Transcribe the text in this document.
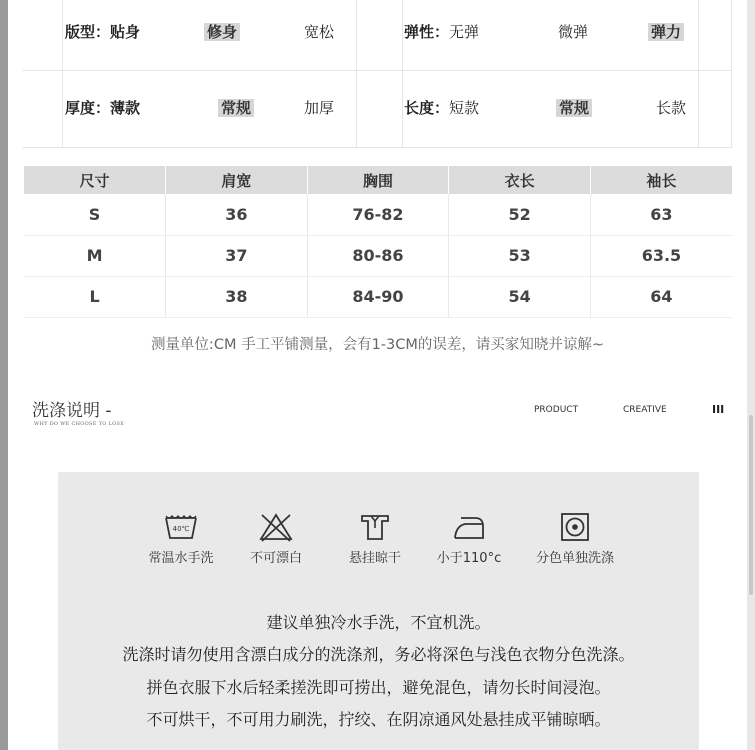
版型：贴身	修身	宽松	弹性：无弹	微弹	弹力
厚度：薄款	常规	加厚	长度：短款	常规	长款
尺寸	肩宽	胸围	衣长	袖长
S	36	76-82	52	63
M	37	80-86	53	63.5
L	38	84-90	54	64
测量单位:CM 手工平铺测量，会有1-3CM的误差，请买家知晓并谅解~
洗涤说明 -
WHY DO WE CHOOSE TO LOSE
PRODUCT	CREATIVE	III
40℃
常温水手洗	不可漂白	悬挂晾干	小于110°c	分色单独洗涤
建议单独冷水手洗，不宜机洗。
洗涤时请勿使用含漂白成分的洗涤剂，务必将深色与浅色衣物分色洗涤。
拼色衣服下水后轻柔搓洗即可捞出，避免混色，请勿长时间浸泡。
不可烘干，不可用力刷洗，拧绞、在阴凉通风处悬挂成平铺晾晒。
